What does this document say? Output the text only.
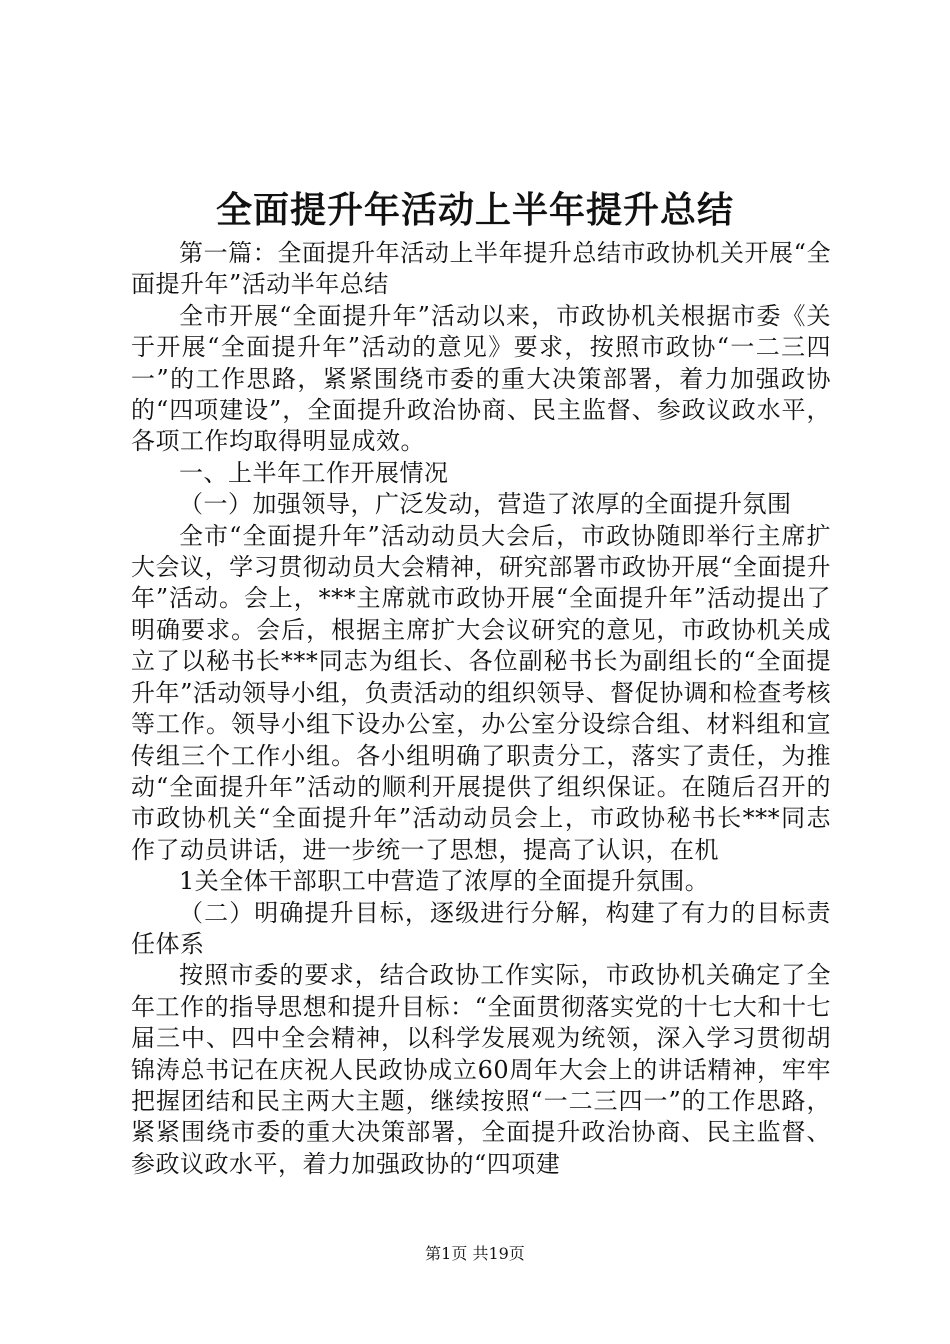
全面提升年活动上半年提升总结

第一篇：全面提升年活动上半年提升总结市政协机关开展“全面提升年”活动半年总结

全市开展“全面提升年”活动以来，市政协机关根据市委《关于开展“全面提升年”活动的意见》要求，按照市政协“一二三四一”的工作思路，紧紧围绕市委的重大决策部署，着力加强政协的“四项建设”，全面提升政治协商、民主监督、参政议政水平，各项工作均取得明显成效。

一、上半年工作开展情况

（一）加强领导，广泛发动，营造了浓厚的全面提升氛围

全市“全面提升年”活动动员大会后，市政协随即举行主席扩大会议，学习贯彻动员大会精神，研究部署市政协开展“全面提升年”活动。会上，***主席就市政协开展“全面提升年”活动提出了明确要求。会后，根据主席扩大会议研究的意见，市政协机关成立了以秘书长***同志为组长、各位副秘书长为副组长的“全面提升年”活动领导小组，负责活动的组织领导、督促协调和检查考核等工作。领导小组下设办公室，办公室分设综合组、材料组和宣传组三个工作小组。各小组明确了职责分工，落实了责任，为推动“全面提升年”活动的顺利开展提供了组织保证。在随后召开的市政协机关“全面提升年”活动动员会上，市政协秘书长***同志作了动员讲话，进一步统一了思想，提高了认识，在机

1关全体干部职工中营造了浓厚的全面提升氛围。

（二）明确提升目标，逐级进行分解，构建了有力的目标责任体系

按照市委的要求，结合政协工作实际，市政协机关确定了全年工作的指导思想和提升目标：“全面贯彻落实党的十七大和十七届三中、四中全会精神，以科学发展观为统领，深入学习贯彻胡锦涛总书记在庆祝人民政协成立60周年大会上的讲话精神，牢牢把握团结和民主两大主题，继续按照“一二三四一”的工作思路，紧紧围绕市委的重大决策部署，全面提升政治协商、民主监督、参政议政水平，着力加强政协的“四项建

第1页 共19页
